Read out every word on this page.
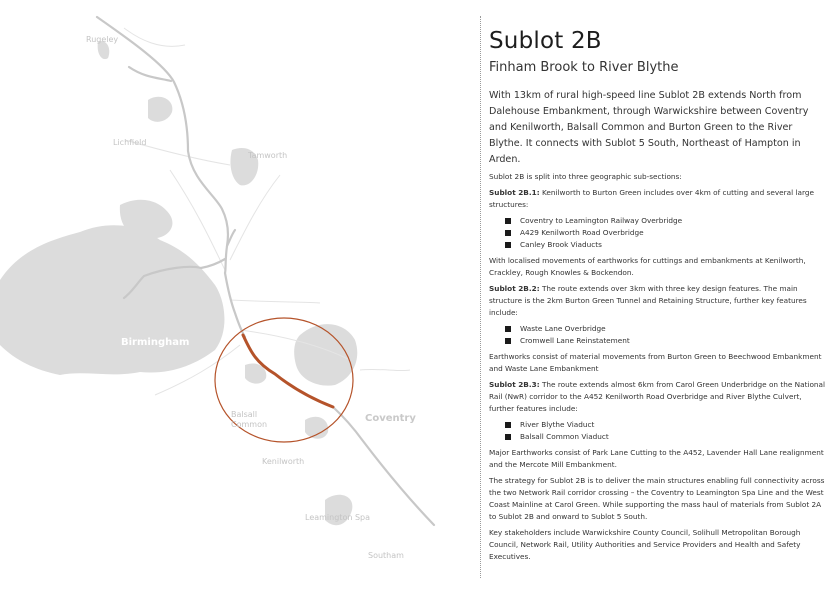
Rugeley
Lichfield
Tamworth
Birmingham
Balsall
Common
Coventry
Kenilworth
Leamington Spa
Southam
Sublot 2B
Finham Brook to River Blythe

With 13km of rural high-speed line Sublot 2B extends North from Dalehouse Embankment, through Warwickshire between Coventry and Kenilworth, Balsall Common and Burton Green to the River Blythe. It connects with Sublot 5 South, Northeast of Hampton in Arden.

Sublot 2B is split into three geographic sub-sections:

Sublot 2B.1: Kenilworth to Burton Green includes over 4km of cutting and several large structures:

Coventry to Leamington Railway Overbridge
A429 Kenilworth Road Overbridge
Canley Brook Viaducts

With localised movements of earthworks for cuttings and embankments at Kenilworth, Crackley, Rough Knowles & Bockendon.

Sublot 2B.2: The route extends over 3km with three key design features. The main structure is the 2km Burton Green Tunnel and Retaining Structure, further key features include:

Waste Lane Overbridge
Cromwell Lane Reinstatement

Earthworks consist of material movements from Burton Green to Beechwood Embankment and Waste Lane Embankment

Sublot 2B.3: The route extends almost 6km from Carol Green Underbridge on the National Rail (NwR) corridor to the A452 Kenilworth Road Overbridge and River Blythe Culvert, further features include:

River Blythe Viaduct
Balsall Common Viaduct

Major Earthworks consist of Park Lane Cutting to the A452, Lavender Hall Lane realignment and the Mercote Mill Embankment.

The strategy for Sublot 2B is to deliver the main structures enabling full connectivity across the two Network Rail corridor crossing – the Coventry to Leamington Spa Line and the West Coast Mainline at Carol Green. While supporting the mass haul of materials from Sublot 2A to Sublot 2B and onward to Sublot 5 South.

Key stakeholders include Warwickshire County Council, Solihull Metropolitan Borough Council, Network Rail, Utility Authorities and Service Providers and Health and Safety Executives.
